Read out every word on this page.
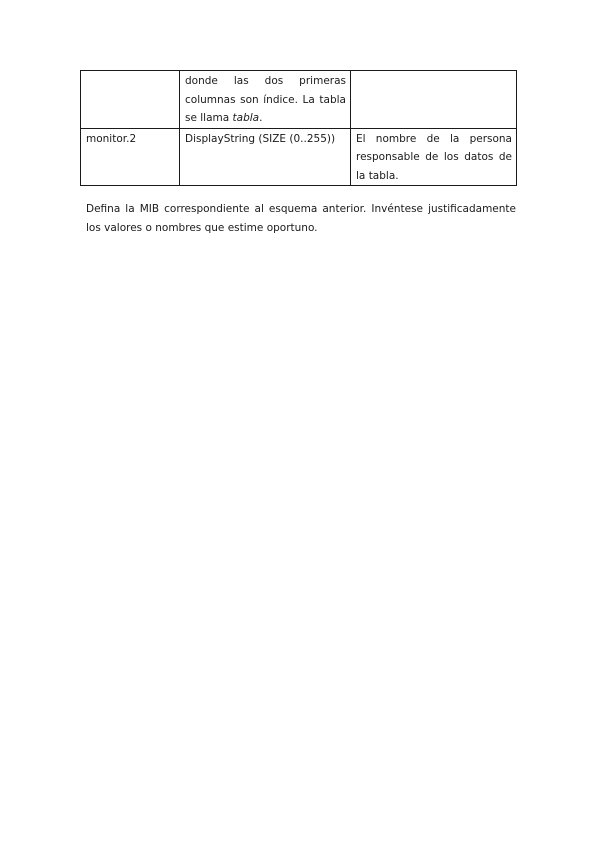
	donde las dos primeras columnas son índice. La tabla se llama tabla.	
monitor.2	DisplayString (SIZE (0..255))	El nombre de la persona responsable de los datos de la tabla.

Defina la MIB correspondiente al esquema anterior. Invéntese justificadamente los valores o nombres que estime oportuno.
